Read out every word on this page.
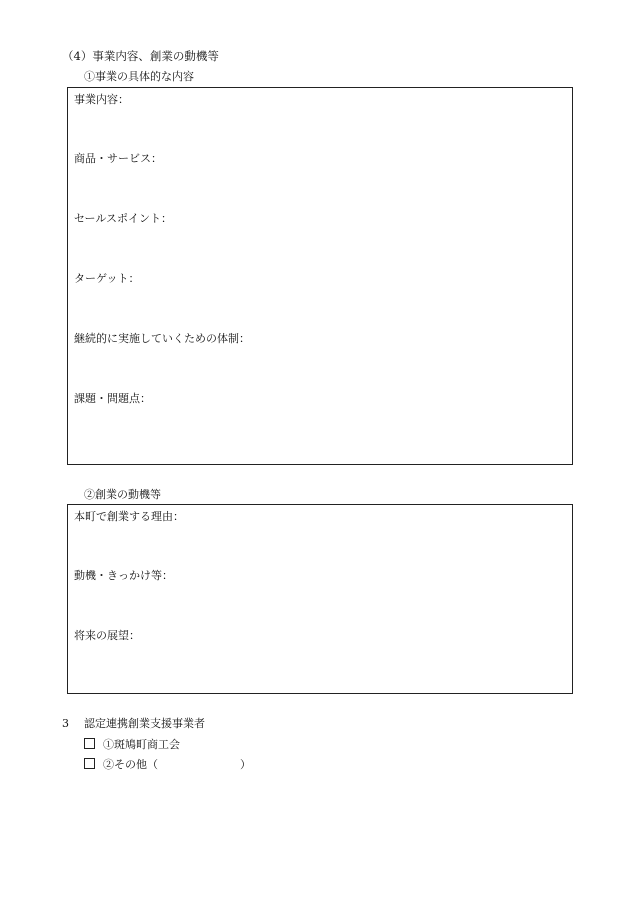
（4）事業内容、創業の動機等
①事業の具体的な内容
事業内容：
商品・サービス：
セールスポイント：
ターゲット：
継続的に実施していくための体制：
課題・問題点：
②創業の動機等
本町で創業する理由：
動機・きっかけ等：
将来の展望：
3 認定連携創業支援事業者
①斑鳩町商工会
②その他（	）
